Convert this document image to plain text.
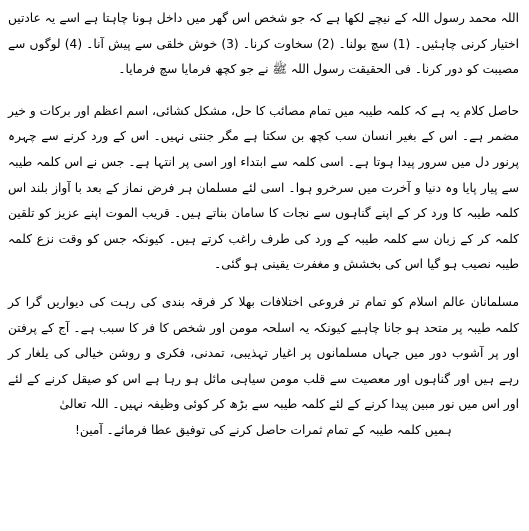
اللہ محمد رسول اللہ کے نیچے لکھا ہے کہ جو شخص اس گھر میں داخل ہونا چاہتا ہے اسے یہ عادتیں اختیار کرنی چاہئیں۔ (1) سچ بولنا۔ (2) سخاوت کرنا۔ (3) خوش خلقی سے پیش آنا۔ (4) لوگوں سے مصیبت کو دور کرنا۔ فی الحقیقت رسول اللہ ﷺ نے جو کچھ فرمایا سچ فرمایا۔

حاصل کلام یہ ہے کہ کلمہ طیبہ میں تمام مصائب کا حل، مشکل کشائی، اسم اعظم اور برکات و خیر مضمر ہے۔ اس کے بغیر انسان سب کچھ بن سکتا ہے مگر جنتی نہیں۔ اس کے ورد کرنے سے چہرہ پرنور دل میں سرور پیدا ہوتا ہے۔ اسی کلمہ سے ابتداء اور اسی پر انتہا ہے۔ جس نے اس کلمہ طیبہ سے پیار پایا وہ دنیا و آخرت میں سرخرو ہوا۔ اسی لئے مسلمان ہر فرض نماز کے بعد با آواز بلند اس کلمہ طیبہ کا ورد کر کے اپنے گناہوں سے نجات کا سامان بناتے ہیں۔ قریب الموت اپنے عزیز کو تلقین کلمہ کر کے زبان سے کلمہ طیبہ کے ورد کی طرف راغب کرتے ہیں۔ کیونکہ جس کو وقت نزع کلمہ طیبہ نصیب ہو گیا اس کی بخشش و مغفرت یقینی ہو گئی۔

مسلمانان عالم اسلام کو تمام تر فروعی اختلافات بھلا کر فرقہ بندی کی رہت کی دیواریں گرا کر کلمہ طیبہ پر متحد ہو جانا چاہیے کیونکہ یہ اسلحہ مومن اور شخص کا فر کا سبب ہے۔ آج کے پرفتن اور پر آشوب دور میں جہاں مسلمانوں پر اغیار تہذیبی، تمدنی، فکری و روشن خیالی کی یلغار کر رہے ہیں اور گناہوں اور معصیت سے قلب مومن سیاہی مائل ہو رہا ہے اس کو صیقل کرنے کے لئے اور اس میں نور مبین پیدا کرنے کے لئے کلمہ طیبہ سے بڑھ کر کوئی وظیفہ نہیں۔ اللہ تعالیٰ
ہمیں کلمہ طیبہ کے تمام ثمرات حاصل کرنے کی توفیق عطا فرمائے۔ آمین!
